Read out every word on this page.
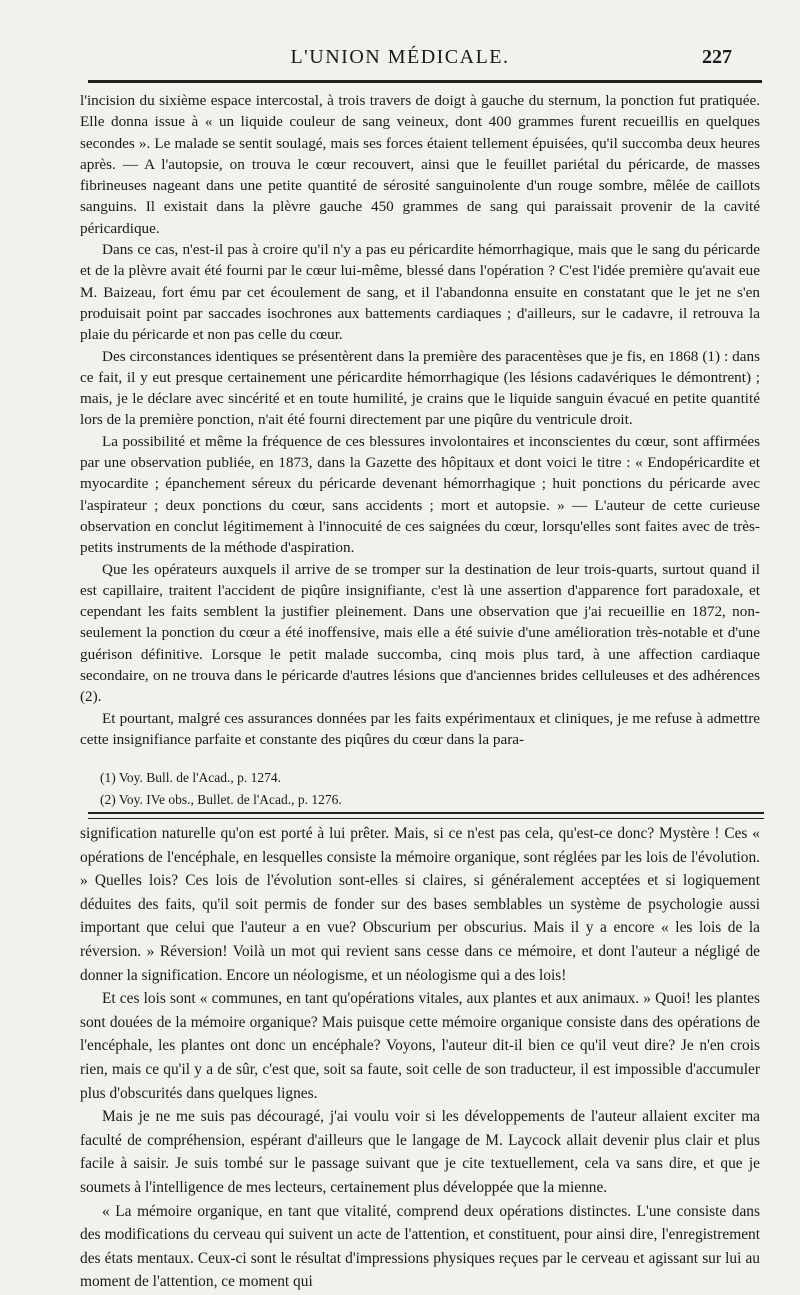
L'UNION MÉDICALE.	227

l'incision du sixième espace intercostal, à trois travers de doigt à gauche du sternum, la ponction fut pratiquée. Elle donna issue à « un liquide couleur de sang veineux, dont 400 grammes furent recueillis en quelques secondes ». Le malade se sentit soulagé, mais ses forces étaient tellement épuisées, qu'il succomba deux heures après. — A l'autopsie, on trouva le cœur recouvert, ainsi que le feuillet pariétal du péricarde, de masses fibrineuses nageant dans une petite quantité de sérosité sanguinolente d'un rouge sombre, mêlée de caillots sanguins. Il existait dans la plèvre gauche 450 grammes de sang qui paraissait provenir de la cavité péricardique.

Dans ce cas, n'est-il pas à croire qu'il n'y a pas eu péricardite hémorrhagique, mais que le sang du péricarde et de la plèvre avait été fourni par le cœur lui-même, blessé dans l'opération ? C'est l'idée première qu'avait eue M. Baizeau, fort ému par cet écoulement de sang, et il l'abandonna ensuite en constatant que le jet ne s'en produisait point par saccades isochrones aux battements cardiaques ; d'ailleurs, sur le cadavre, il retrouva la plaie du péricarde et non pas celle du cœur.

Des circonstances identiques se présentèrent dans la première des paracentèses que je fis, en 1868 (1) : dans ce fait, il y eut presque certainement une péricardite hémorrhagique (les lésions cadavériques le démontrent) ; mais, je le déclare avec sincérité et en toute humilité, je crains que le liquide sanguin évacué en petite quantité lors de la première ponction, n'ait été fourni directement par une piqûre du ventricule droit.

La possibilité et même la fréquence de ces blessures involontaires et inconscientes du cœur, sont affirmées par une observation publiée, en 1873, dans la Gazette des hôpitaux et dont voici le titre : « Endopéricardite et myocardite ; épanchement séreux du péricarde devenant hémorrhagique ; huit ponctions du péricarde avec l'aspirateur ; deux ponctions du cœur, sans accidents ; mort et autopsie. » — L'auteur de cette curieuse observation en conclut légitimement à l'innocuité de ces saignées du cœur, lorsqu'elles sont faites avec de très-petits instruments de la méthode d'aspiration.

Que les opérateurs auxquels il arrive de se tromper sur la destination de leur trois-quarts, surtout quand il est capillaire, traitent l'accident de piqûre insignifiante, c'est là une assertion d'apparence fort paradoxale, et cependant les faits semblent la justifier pleinement. Dans une observation que j'ai recueillie en 1872, non-seulement la ponction du cœur a été inoffensive, mais elle a été suivie d'une amélioration très-notable et d'une guérison définitive. Lorsque le petit malade succomba, cinq mois plus tard, à une affection cardiaque secondaire, on ne trouva dans le péricarde d'autres lésions que d'anciennes brides celluleuses et des adhérences (2).

Et pourtant, malgré ces assurances données par les faits expérimentaux et cliniques, je me refuse à admettre cette insignifiance parfaite et constante des piqûres du cœur dans la para-

(1) Voy. Bull. de l'Acad., p. 1274.
(2) Voy. IVe obs., Bullet. de l'Acad., p. 1276.

signification naturelle qu'on est porté à lui prêter. Mais, si ce n'est pas cela, qu'est-ce donc? Mystère ! Ces « opérations de l'encéphale, en lesquelles consiste la mémoire organique, sont réglées par les lois de l'évolution. » Quelles lois? Ces lois de l'évolution sont-elles si claires, si généralement acceptées et si logiquement déduites des faits, qu'il soit permis de fonder sur des bases semblables un système de psychologie aussi important que celui que l'auteur a en vue? Obscurium per obscurius. Mais il y a encore « les lois de la réversion. » Réversion! Voilà un mot qui revient sans cesse dans ce mémoire, et dont l'auteur a négligé de donner la signification. Encore un néologisme, et un néologisme qui a des lois!

Et ces lois sont « communes, en tant qu'opérations vitales, aux plantes et aux animaux. » Quoi! les plantes sont douées de la mémoire organique? Mais puisque cette mémoire organique consiste dans des opérations de l'encéphale, les plantes ont donc un encéphale? Voyons, l'auteur dit-il bien ce qu'il veut dire? Je n'en crois rien, mais ce qu'il y a de sûr, c'est que, soit sa faute, soit celle de son traducteur, il est impossible d'accumuler plus d'obscurités dans quelques lignes.

Mais je ne me suis pas découragé, j'ai voulu voir si les développements de l'auteur allaient exciter ma faculté de compréhension, espérant d'ailleurs que le langage de M. Laycock allait devenir plus clair et plus facile à saisir. Je suis tombé sur le passage suivant que je cite textuellement, cela va sans dire, et que je soumets à l'intelligence de mes lecteurs, certainement plus développée que la mienne.

« La mémoire organique, en tant que vitalité, comprend deux opérations distinctes. L'une consiste dans des modifications du cerveau qui suivent un acte de l'attention, et constituent, pour ainsi dire, l'enregistrement des états mentaux. Ceux-ci sont le résultat d'impressions physiques reçues par le cerveau et agissant sur lui au moment de l'attention, ce moment qui
